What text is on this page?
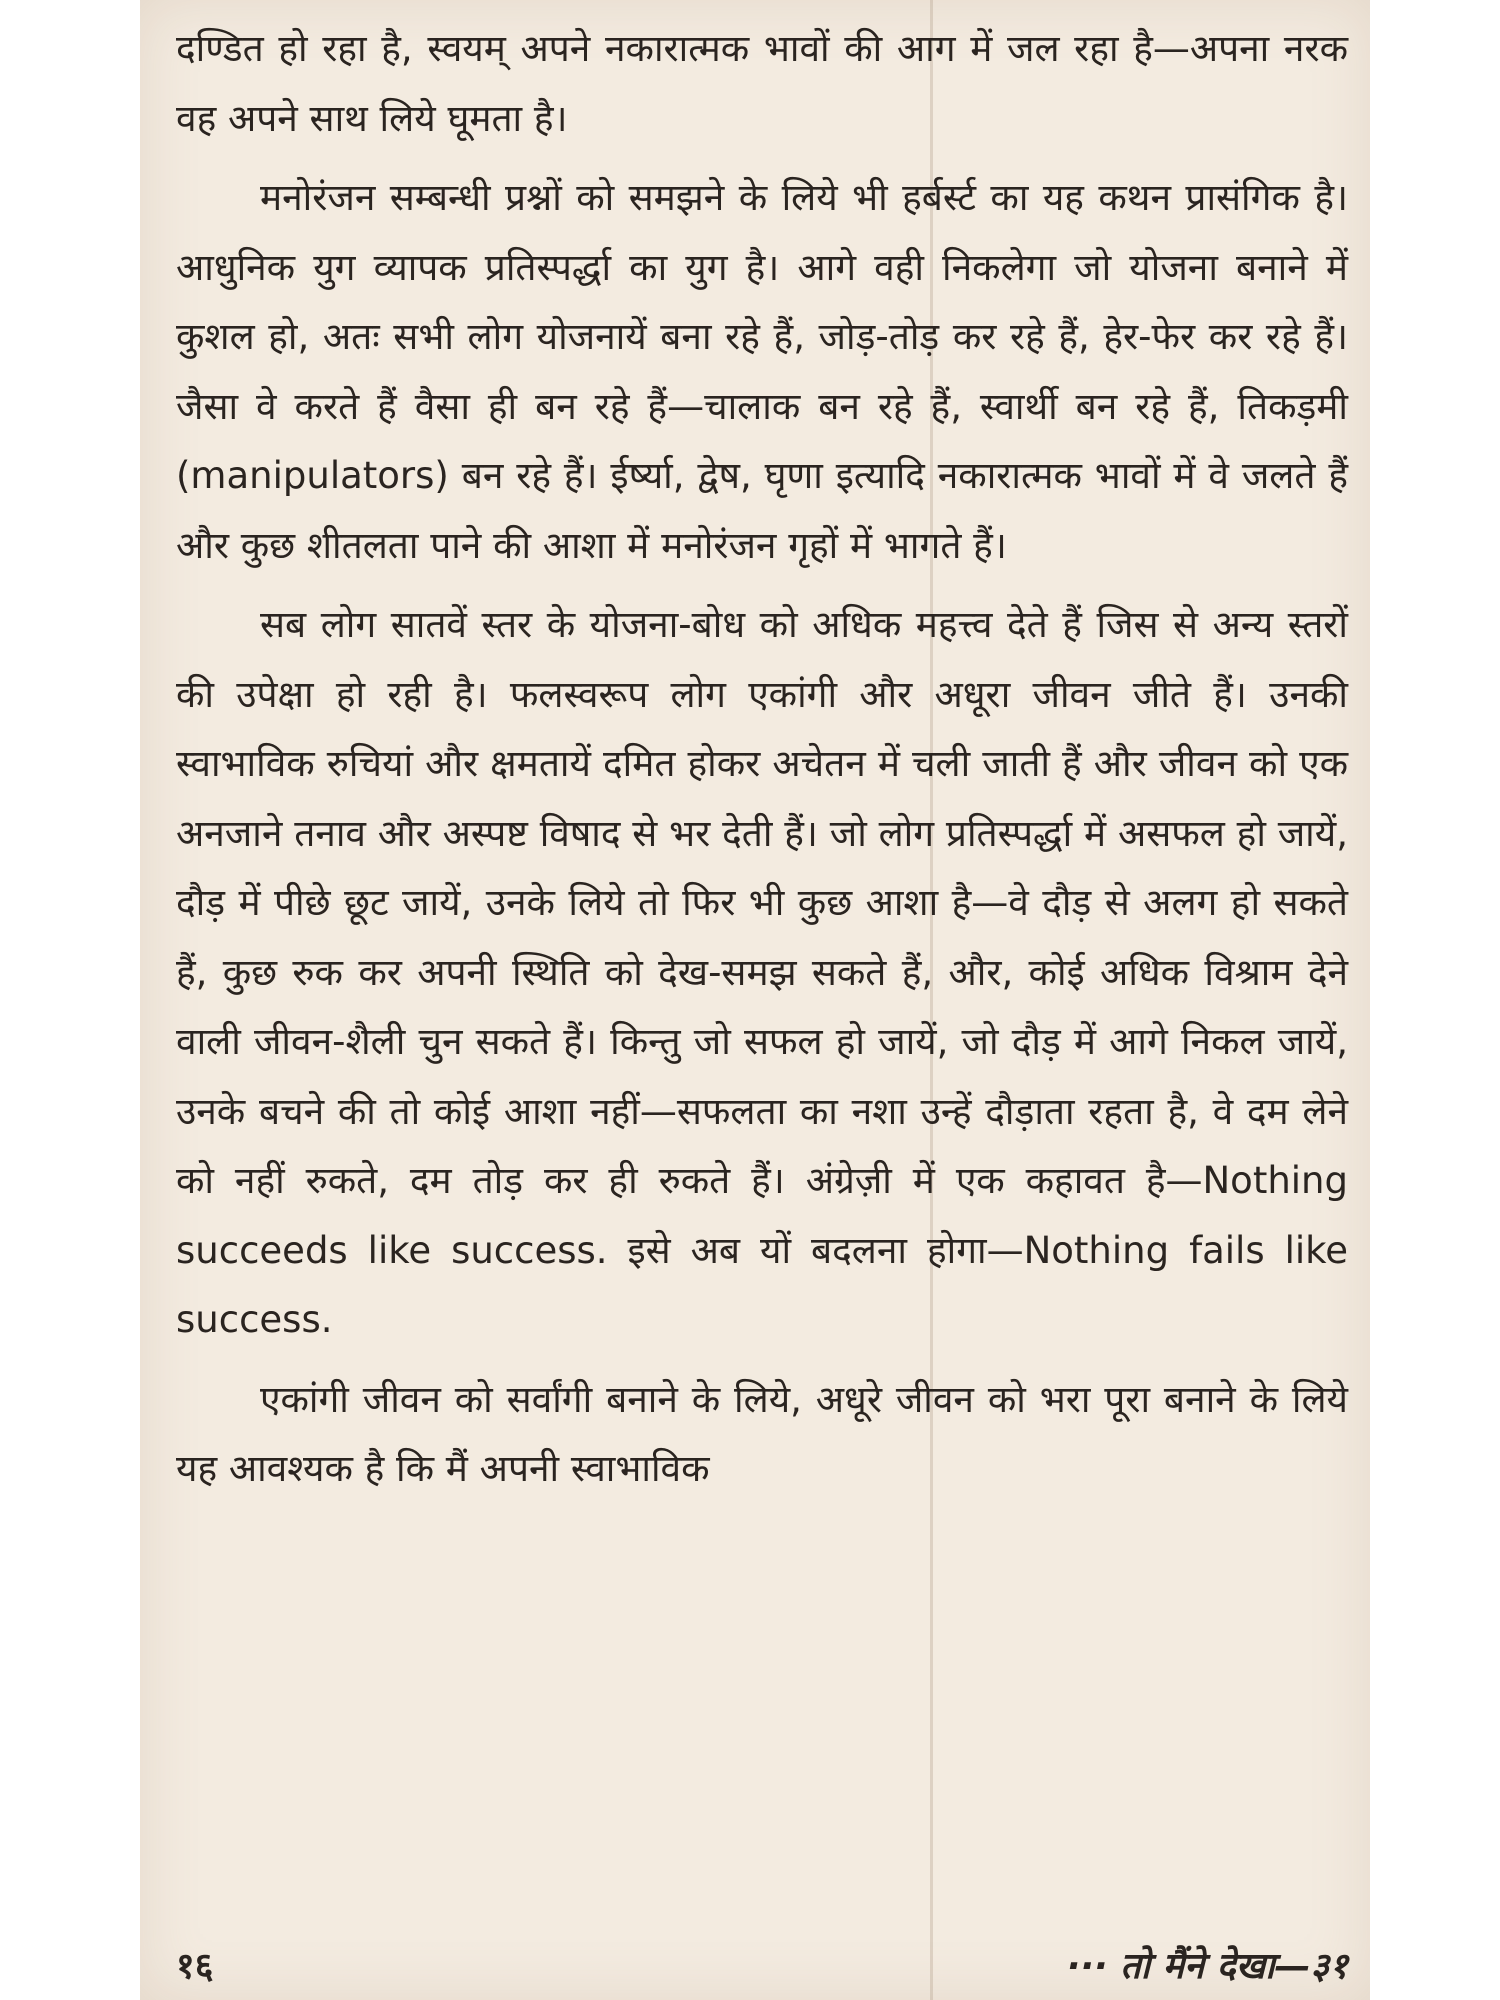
दण्डित हो रहा है, स्वयम् अपने नकारात्मक भावों की आग में जल रहा है—अपना नरक वह अपने साथ लिये घूमता है।

मनोरंजन सम्बन्धी प्रश्नों को समझने के लिये भी हर्बर्स्ट का यह कथन प्रासंगिक है। आधुनिक युग व्यापक प्रतिस्पर्द्धा का युग है। आगे वही निकलेगा जो योजना बनाने में कुशल हो, अतः सभी लोग योजनायें बना रहे हैं, जोड़-तोड़ कर रहे हैं, हेर-फेर कर रहे हैं। जैसा वे करते हैं वैसा ही बन रहे हैं—चालाक बन रहे हैं, स्वार्थी बन रहे हैं, तिकड़मी (manipulators) बन रहे हैं। ईर्ष्या, द्वेष, घृणा इत्यादि नकारात्मक भावों में वे जलते हैं और कुछ शीतलता पाने की आशा में मनोरंजन गृहों में भागते हैं।

सब लोग सातवें स्तर के योजना-बोध को अधिक महत्त्व देते हैं जिस से अन्य स्तरों की उपेक्षा हो रही है। फलस्वरूप लोग एकांगी और अधूरा जीवन जीते हैं। उनकी स्वाभाविक रुचियां और क्षमतायें दमित होकर अचेतन में चली जाती हैं और जीवन को एक अनजाने तनाव और अस्पष्ट विषाद से भर देती हैं। जो लोग प्रतिस्पर्द्धा में असफल हो जायें, दौड़ में पीछे छूट जायें, उनके लिये तो फिर भी कुछ आशा है—वे दौड़ से अलग हो सकते हैं, कुछ रुक कर अपनी स्थिति को देख-समझ सकते हैं, और, कोई अधिक विश्राम देने वाली जीवन-शैली चुन सकते हैं। किन्तु जो सफल हो जायें, जो दौड़ में आगे निकल जायें, उनके बचने की तो कोई आशा नहीं—सफलता का नशा उन्हें दौड़ाता रहता है, वे दम लेने को नहीं रुकते, दम तोड़ कर ही रुकते हैं। अंग्रेज़ी में एक कहावत है—Nothing succeeds like success. इसे अब यों बदलना होगा—Nothing fails like success.

एकांगी जीवन को सर्वांगी बनाने के लिये, अधूरे जीवन को भरा पूरा बनाने के लिये यह आवश्यक है कि मैं अपनी स्वाभाविक

१६	··· तो मैंने देखा—३१
